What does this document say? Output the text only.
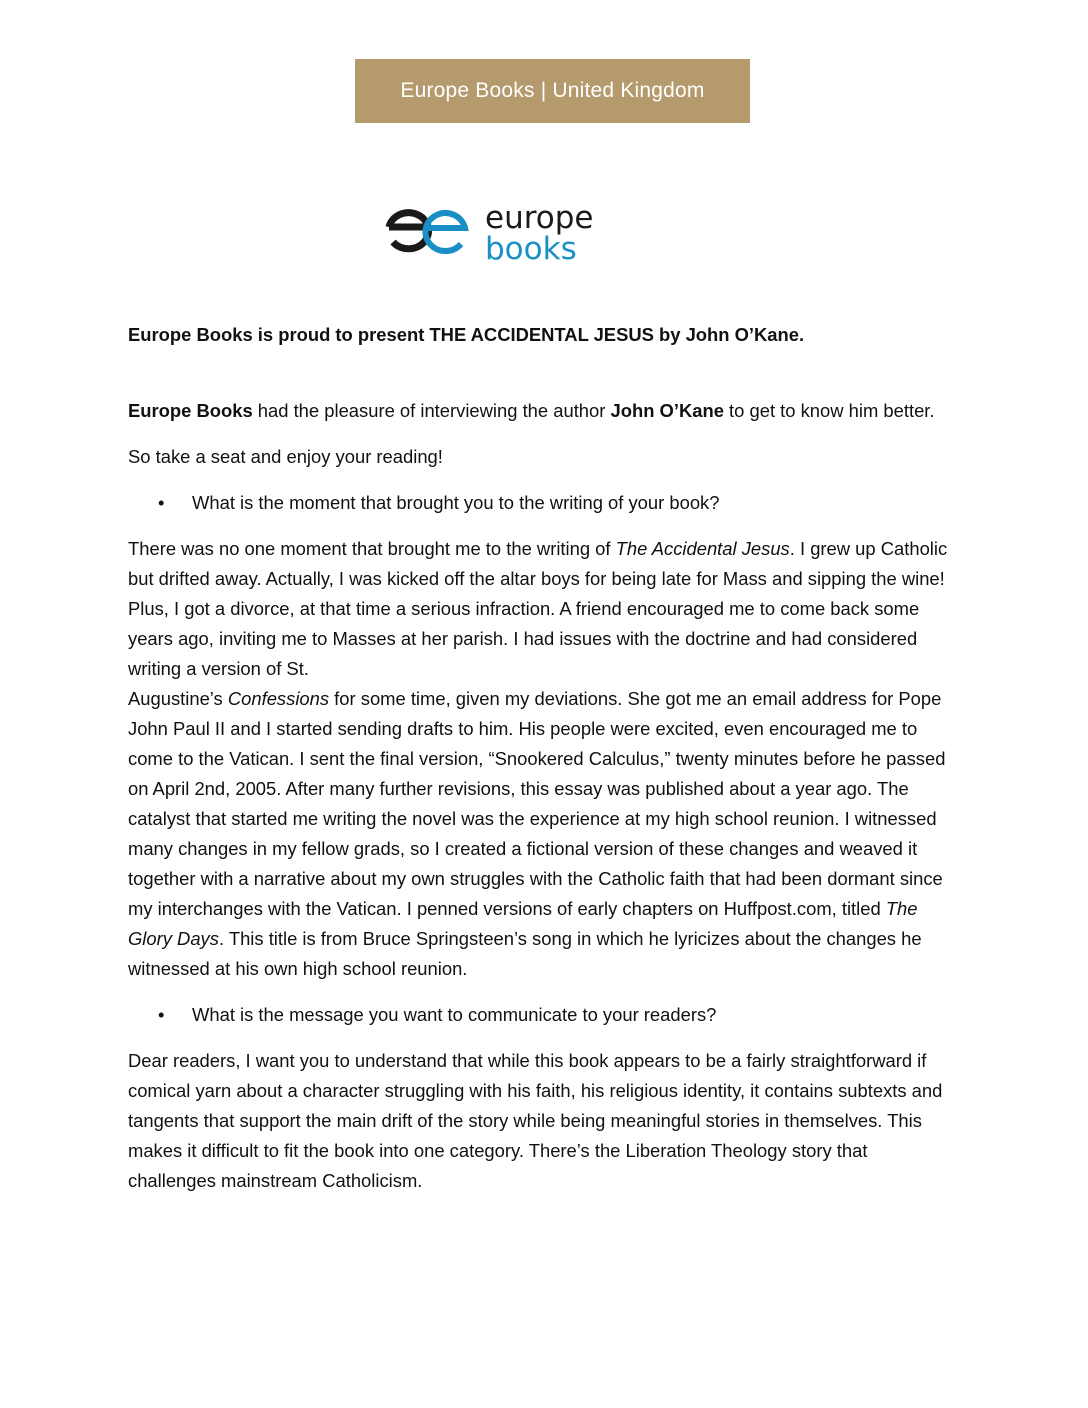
Europe Books | United Kingdom
europe
books

Europe Books is proud to present THE ACCIDENTAL JESUS by John O’Kane.

Europe Books had the pleasure of interviewing the author John O’Kane to get to know him better.

So take a seat and enjoy your reading!

•	What is the moment that brought you to the writing of your book?

There was no one moment that brought me to the writing of The Accidental Jesus. I grew up Catholic but drifted away. Actually, I was kicked off the altar boys for being late for Mass and sipping the wine! Plus, I got a divorce, at that time a serious infraction. A friend encouraged me to come back some years ago, inviting me to Masses at her parish. I had issues with the doctrine and had considered writing a version of St.
Augustine’s Confessions for some time, given my deviations. She got me an email address for Pope John Paul II and I started sending drafts to him. His people were excited, even encouraged me to come to the Vatican. I sent the final version, “Snookered Calculus,” twenty minutes before he passed on April 2nd, 2005. After many further revisions, this essay was published about a year ago. The catalyst that started me writing the novel was the experience at my high school reunion. I witnessed many changes in my fellow grads, so I created a fictional version of these changes and weaved it together with a narrative about my own struggles with the Catholic faith that had been dormant since my interchanges with the Vatican. I penned versions of early chapters on Huffpost.com, titled The Glory Days. This title is from Bruce Springsteen’s song in which he lyricizes about the changes he witnessed at his own high school reunion.

•	What is the message you want to communicate to your readers?

Dear readers, I want you to understand that while this book appears to be a fairly straightforward if comical yarn about a character struggling with his faith, his religious identity, it contains subtexts and tangents that support the main drift of the story while being meaningful stories in themselves. This makes it difficult to fit the book into one category. There’s the Liberation Theology story that challenges mainstream Catholicism.
